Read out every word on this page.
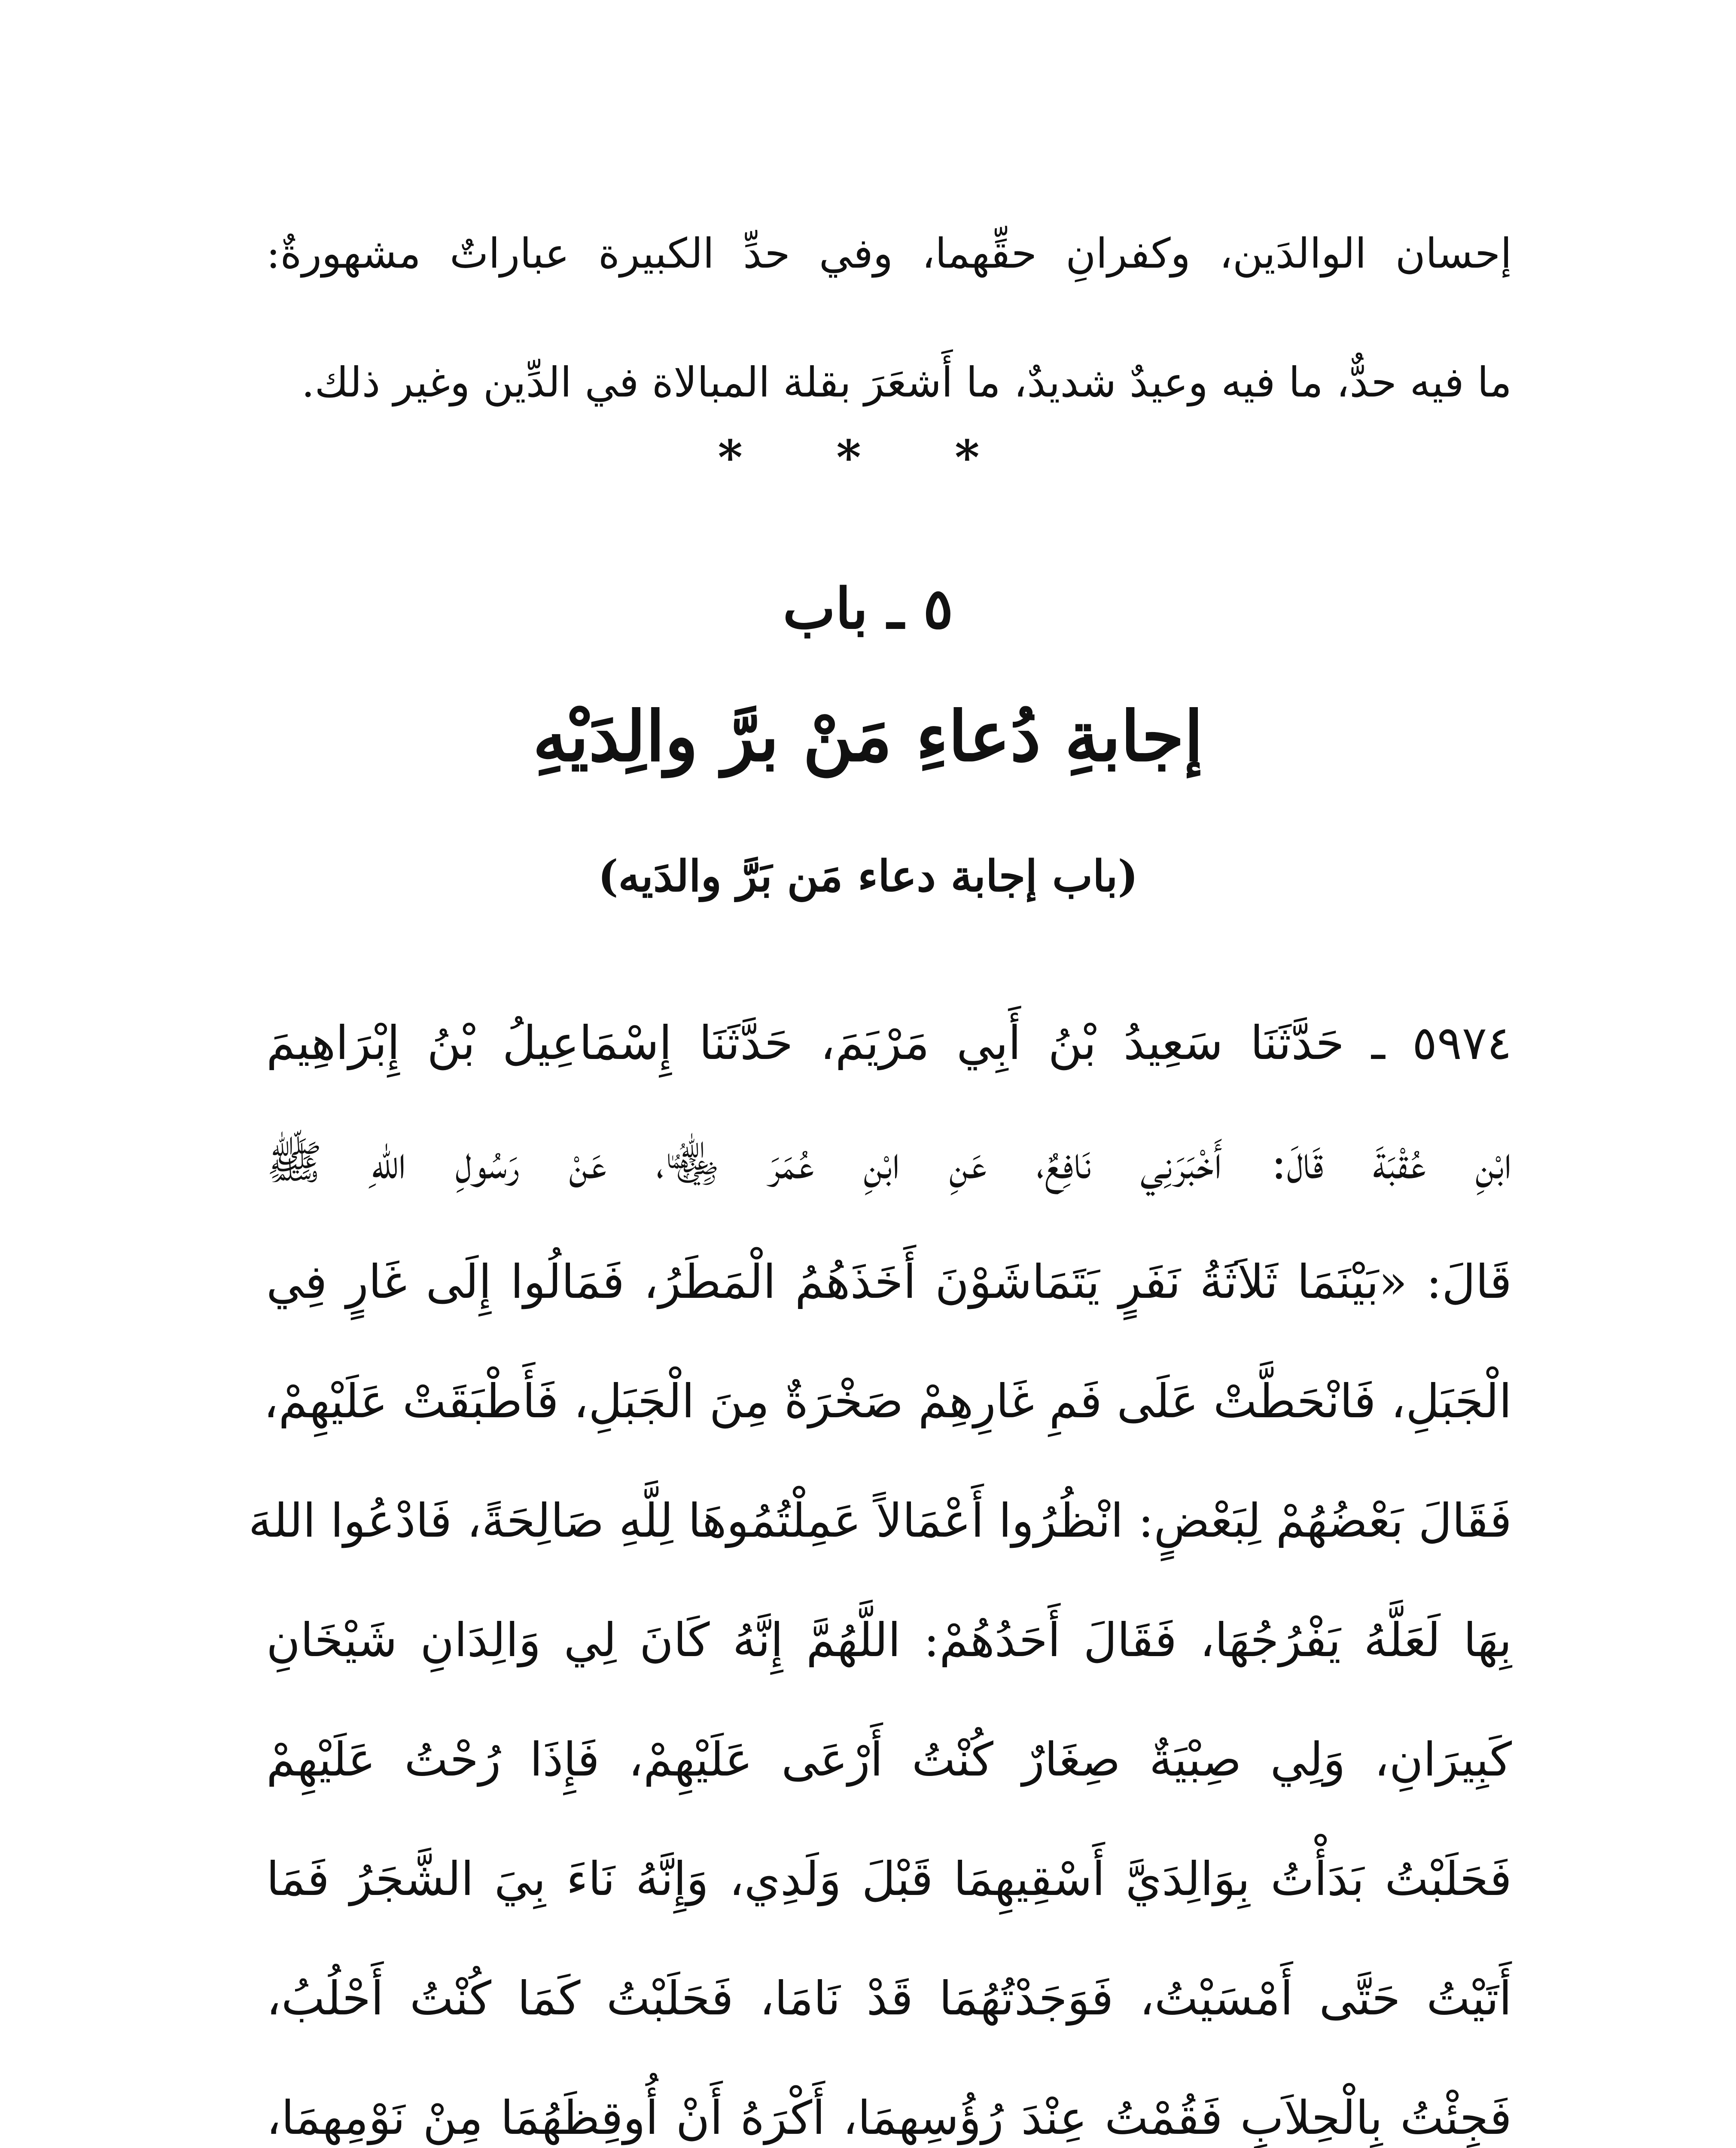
إحسان الوالدَين، وكفرانِ حقِّهما، وفي حدِّ الكبيرة عباراتٌ مشهورةٌ:

ما فيه حدٌّ، ما فيه وعيدٌ شديدٌ، ما أَشعَرَ بقلة المبالاة في الدِّين وغير ذلك.

* * *
٥ ـ باب
إجابةِ دُعاءِ مَنْ برَّ والِدَيْهِ
(باب إجابة دعاء مَن بَرَّ والدَيه)

٥٩٧٤ ـ حَدَّثَنَا سَعِيدُ بْنُ أَبِي مَرْيَمَ، حَدَّثَنَا إِسْمَاعِيلُ بْنُ إِبْرَاهِيمَ

ابْنِ عُقْبَةَ قَالَ: أَخْبَرَنِي نَافِعٌ، عَنِ ابْنِ عُمَرَ ﵄، عَنْ رَسُولِ اللهِ ﷺ

قَالَ: «بَيْنَمَا ثَلاَثَةُ نَفَرٍ يَتَمَاشَوْنَ أَخَذَهُمُ الْمَطَرُ، فَمَالُوا إِلَى غَارٍ فِي

الْجَبَلِ، فَانْحَطَّتْ عَلَى فَمِ غَارِهِمْ صَخْرَةٌ مِنَ الْجَبَلِ، فَأَطْبَقَتْ عَلَيْهِمْ،

فَقَالَ بَعْضُهُمْ لِبَعْضٍ: انْظُرُوا أَعْمَالاً عَمِلْتُمُوهَا لِلَّهِ صَالِحَةً، فَادْعُوا اللهَ

بِهَا لَعَلَّهُ يَفْرُجُهَا، فَقَالَ أَحَدُهُمْ: اللَّهُمَّ إِنَّهُ كَانَ لِي وَالِدَانِ شَيْخَانِ

كَبِيرَانِ، وَلِي صِبْيَةٌ صِغَارٌ كُنْتُ أَرْعَى عَلَيْهِمْ، فَإِذَا رُحْتُ عَلَيْهِمْ

فَحَلَبْتُ بَدَأْتُ بِوَالِدَيَّ أَسْقِيهِمَا قَبْلَ وَلَدِي، وَإِنَّهُ نَاءَ بِيَ الشَّجَرُ فَمَا

أَتَيْتُ حَتَّى أَمْسَيْتُ، فَوَجَدْتُهُمَا قَدْ نَامَا، فَحَلَبْتُ كَمَا كُنْتُ أَحْلُبُ،

فَجِئْتُ بِالْحِلاَبِ فَقُمْتُ عِنْدَ رُؤُسِهِمَا، أَكْرَهُ أَنْ أُوقِظَهُمَا مِنْ نَوْمِهِمَا،
